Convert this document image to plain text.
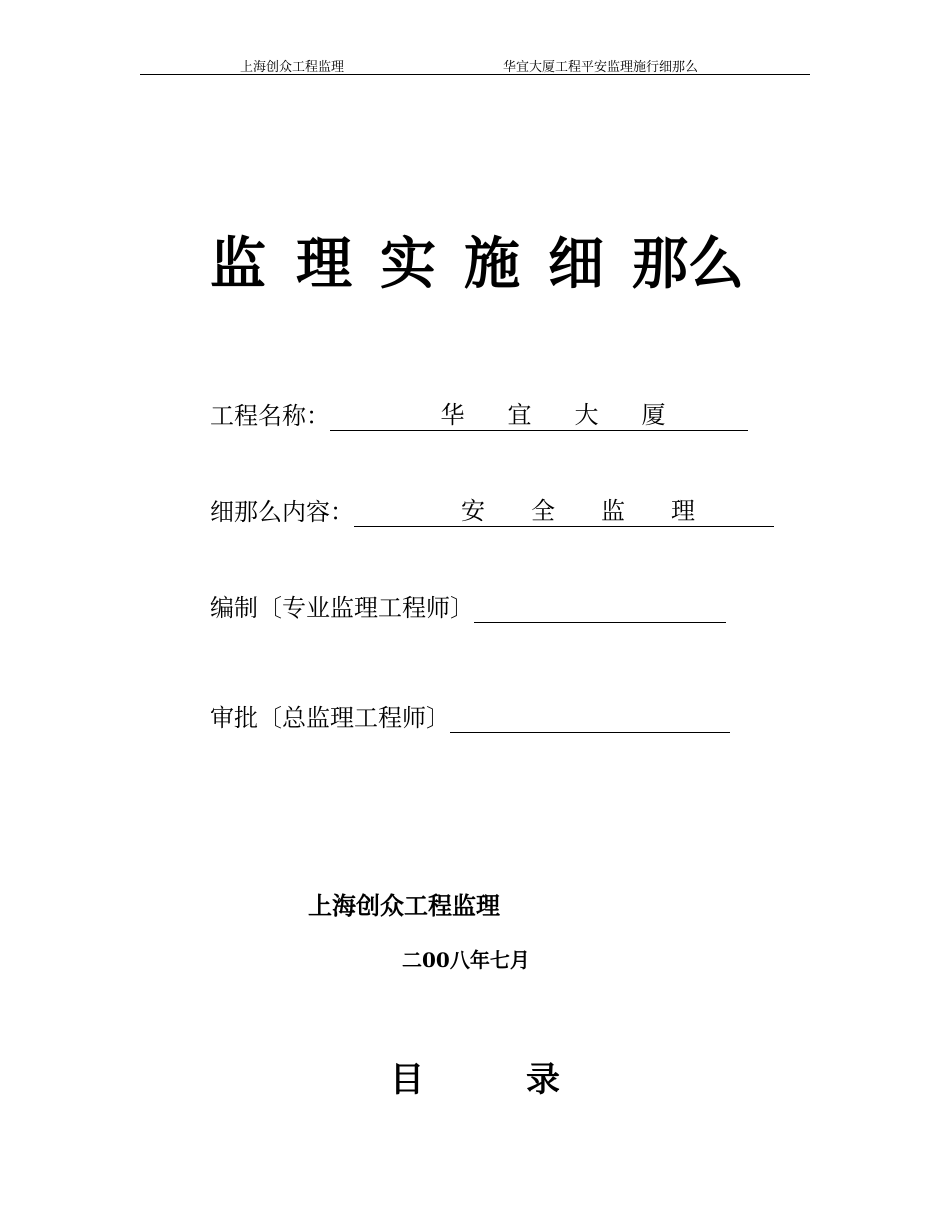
上海创众工程监理	华宜大厦工程平安监理施行细那么
监 理 实 施 细 那么
工程名称：	华 宜 大 厦
细那么内容：	安 全 监 理
编制〔专业监理工程师〕
审批〔总监理工程师〕
上海创众工程监理
二00八年七月
目	录
